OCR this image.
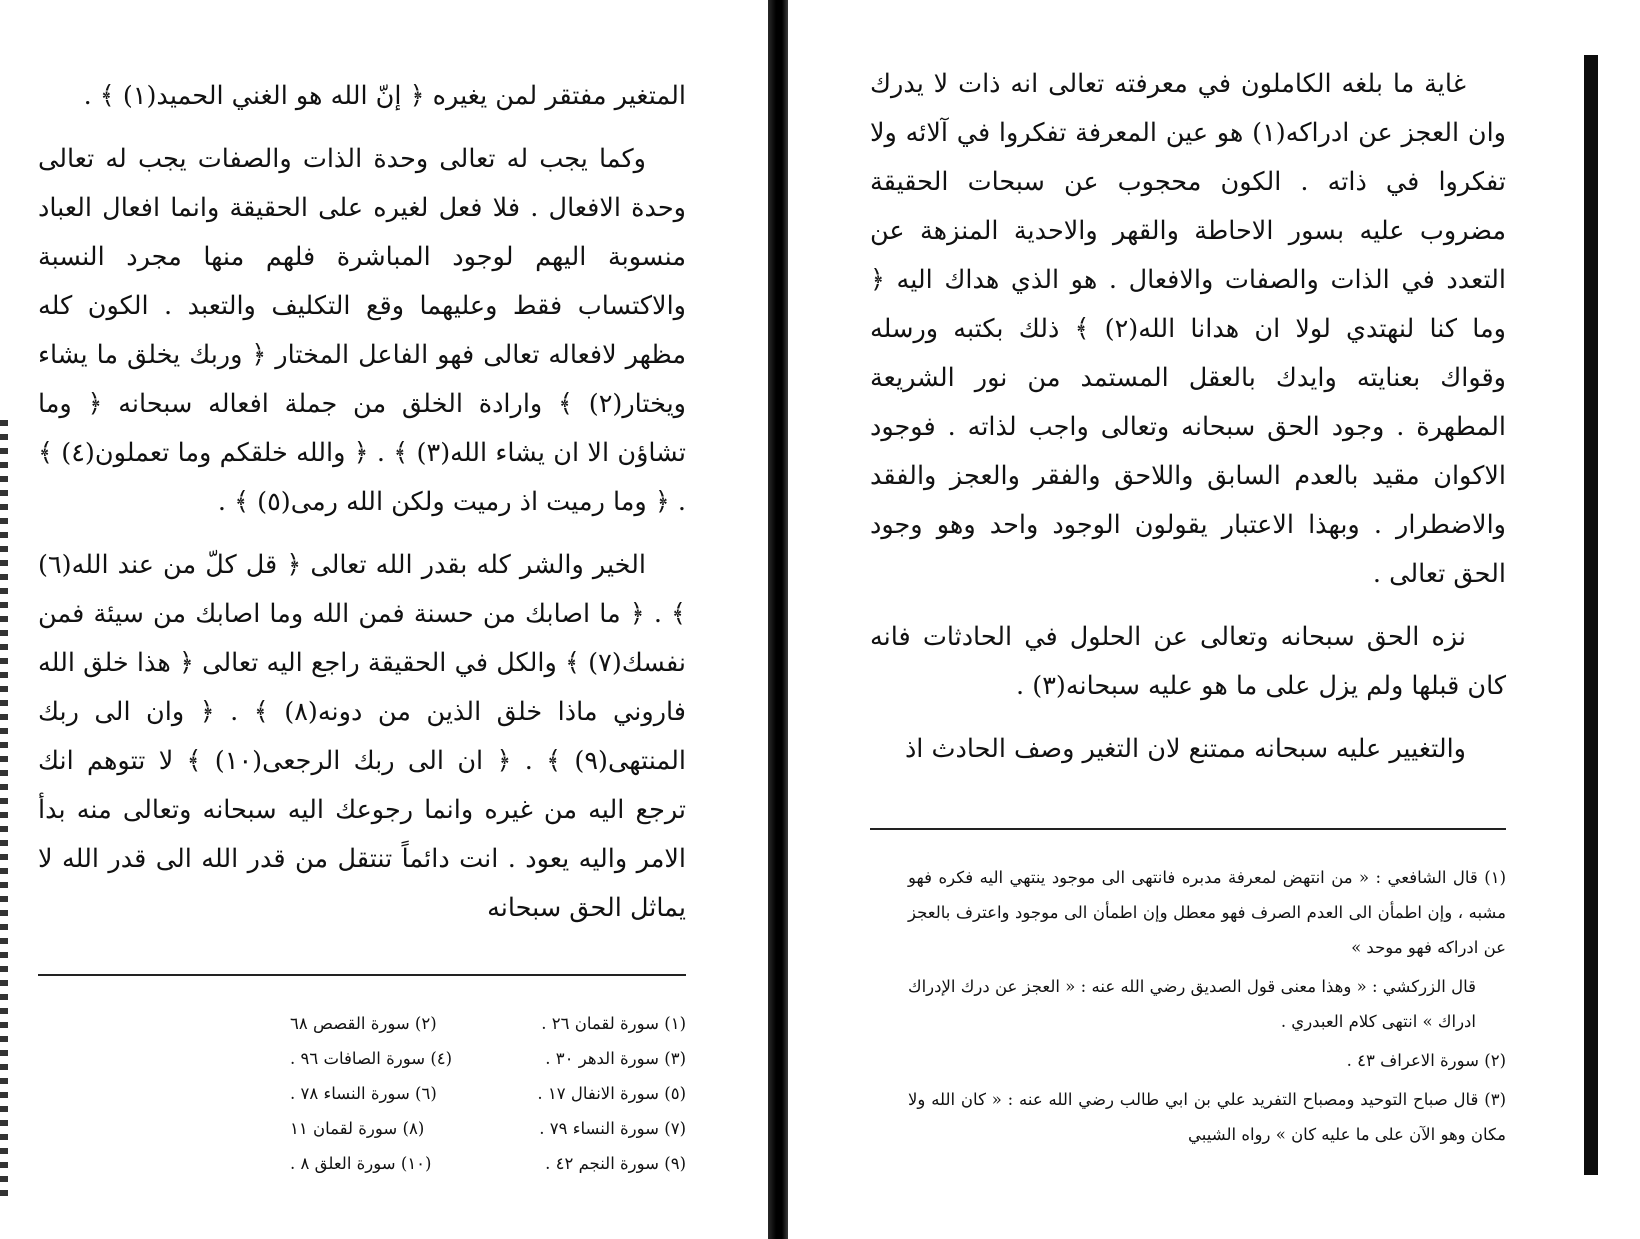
المتغير مفتقر لمن يغيره ﴿ إنّ الله هو الغني الحميد(١) ﴾ .

وكما يجب له تعالى وحدة الذات والصفات يجب له تعالى وحدة الافعال . فلا فعل لغيره على الحقيقة وانما افعال العباد منسوبة اليهم لوجود المباشرة فلهم منها مجرد النسبة والاكتساب فقط وعليهما وقع التكليف والتعبد . الكون كله مظهر لافعاله تعالى فهو الفاعل المختار ﴿ وربك يخلق ما يشاء ويختار(٢) ﴾ وارادة الخلق من جملة افعاله سبحانه ﴿ وما تشاؤن الا ان يشاء الله(٣) ﴾ . ﴿ والله خلقكم وما تعملون(٤) ﴾ . ﴿ وما رميت اذ رميت ولكن الله رمى(٥) ﴾ .

الخير والشر كله بقدر الله تعالى ﴿ قل كلّ من عند الله(٦) ﴾ . ﴿ ما اصابك من حسنة فمن الله وما اصابك من سيئة فمن نفسك(٧) ﴾ والكل في الحقيقة راجع اليه تعالى ﴿ هذا خلق الله فاروني ماذا خلق الذين من دونه(٨) ﴾ . ﴿ وان الى ربك المنتهى(٩) ﴾ . ﴿ ان الى ربك الرجعى(١٠) ﴾ لا تتوهم انك ترجع اليه من غيره وانما رجوعك اليه سبحانه وتعالى منه بدأ الامر واليه يعود . انت دائماً تنتقل من قدر الله الى قدر الله لا يماثل الحق سبحانه

(١) سورة لقمان ٢٦ .
(٢) سورة القصص ٦٨
(٣) سورة الدهر ٣٠ .
(٤) سورة الصافات ٩٦ .
(٥) سورة الانفال ١٧ .
(٦) سورة النساء ٧٨ .
(٧) سورة النساء ٧٩ .
(٨) سورة لقمان ١١
(٩) سورة النجم ٤٢ .
(١٠) سورة العلق ٨ .

غاية ما بلغه الكاملون في معرفته تعالى انه ذات لا يدرك وان العجز عن ادراكه(١) هو عين المعرفة تفكروا في آلائه ولا تفكروا في ذاته . الكون محجوب عن سبحات الحقيقة مضروب عليه بسور الاحاطة والقهر والاحدية المنزهة عن التعدد في الذات والصفات والافعال . هو الذي هداك اليه ﴿ وما كنا لنهتدي لولا ان هدانا الله(٢) ﴾ ذلك بكتبه ورسله وقواك بعنايته وايدك بالعقل المستمد من نور الشريعة المطهرة . وجود الحق سبحانه وتعالى واجب لذاته . فوجود الاكوان مقيد بالعدم السابق واللاحق والفقر والعجز والفقد والاضطرار . وبهذا الاعتبار يقولون الوجود واحد وهو وجود الحق تعالى .

نزه الحق سبحانه وتعالى عن الحلول في الحادثات فانه كان قبلها ولم يزل على ما هو عليه سبحانه(٣) .

والتغيير عليه سبحانه ممتنع لان التغير وصف الحادث اذ

(١) قال الشافعي : « من انتهض لمعرفة مدبره فانتهى الى موجود ينتهي اليه فكره فهو مشبه ، وإن اطمأن الى العدم الصرف فهو معطل وإن اطمأن الى موجود واعترف بالعجز عن ادراكه فهو موحد »

قال الزركشي : « وهذا معنى قول الصديق رضي الله عنه : « العجز عن درك الإدراك ادراك » انتهى كلام العبدري .

(٢) سورة الاعراف ٤٣ .

(٣) قال صباح التوحيد ومصباح التفريد علي بن ابي طالب رضي الله عنه : « كان الله ولا مكان وهو الآن على ما عليه كان » رواه الشيبي
